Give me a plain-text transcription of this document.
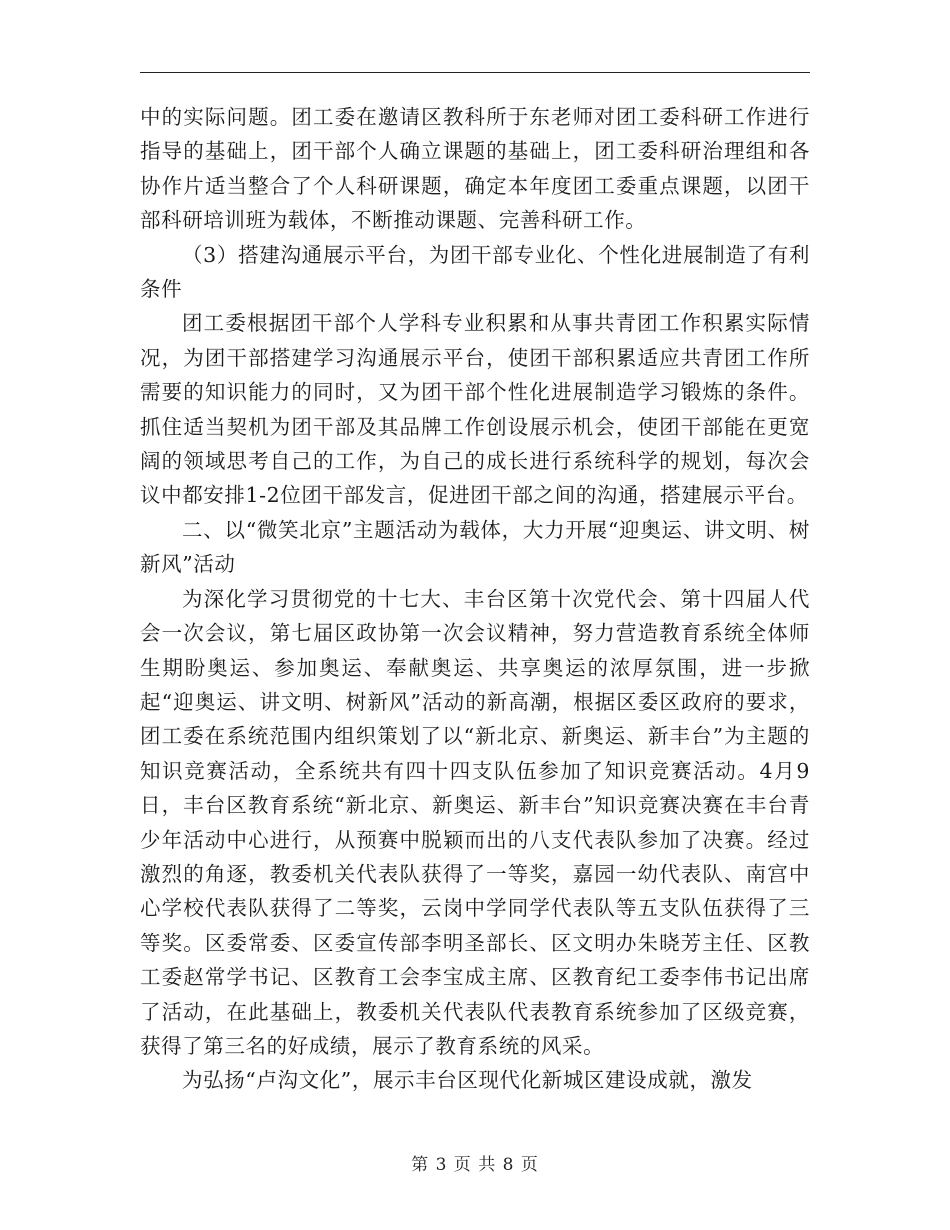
中的实际问题。团工委在邀请区教科所于东老师对团工委科研工作进行指导的基础上，团干部个人确立课题的基础上，团工委科研治理组和各协作片适当整合了个人科研课题，确定本年度团工委重点课题，以团干部科研培训班为载体，不断推动课题、完善科研工作。

（3）搭建沟通展示平台，为团干部专业化、个性化进展制造了有利条件

团工委根据团干部个人学科专业积累和从事共青团工作积累实际情况，为团干部搭建学习沟通展示平台，使团干部积累适应共青团工作所需要的知识能力的同时，又为团干部个性化进展制造学习锻炼的条件。抓住适当契机为团干部及其品牌工作创设展示机会，使团干部能在更宽阔的领域思考自己的工作，为自己的成长进行系统科学的规划，每次会议中都安排1-2位团干部发言，促进团干部之间的沟通，搭建展示平台。

二、以“微笑北京”主题活动为载体，大力开展“迎奥运、讲文明、树新风”活动

为深化学习贯彻党的十七大、丰台区第十次党代会、第十四届人代会一次会议，第七届区政协第一次会议精神，努力营造教育系统全体师生期盼奥运、参加奥运、奉献奥运、共享奥运的浓厚氛围，进一步掀起“迎奥运、讲文明、树新风”活动的新高潮，根据区委区政府的要求，团工委在系统范围内组织策划了以“新北京、新奥运、新丰台”为主题的知识竞赛活动，全系统共有四十四支队伍参加了知识竞赛活动。4月9日，丰台区教育系统“新北京、新奥运、新丰台”知识竞赛决赛在丰台青少年活动中心进行，从预赛中脱颖而出的八支代表队参加了决赛。经过激烈的角逐，教委机关代表队获得了一等奖，嘉园一幼代表队、南宫中心学校代表队获得了二等奖，云岗中学同学代表队等五支队伍获得了三等奖。区委常委、区委宣传部李明圣部长、区文明办朱晓芳主任、区教工委赵常学书记、区教育工会李宝成主席、区教育纪工委李伟书记出席了活动，在此基础上，教委机关代表队代表教育系统参加了区级竞赛，获得了第三名的好成绩，展示了教育系统的风采。

为弘扬“卢沟文化”，展示丰台区现代化新城区建设成就，激发

第 3 页 共 8 页
